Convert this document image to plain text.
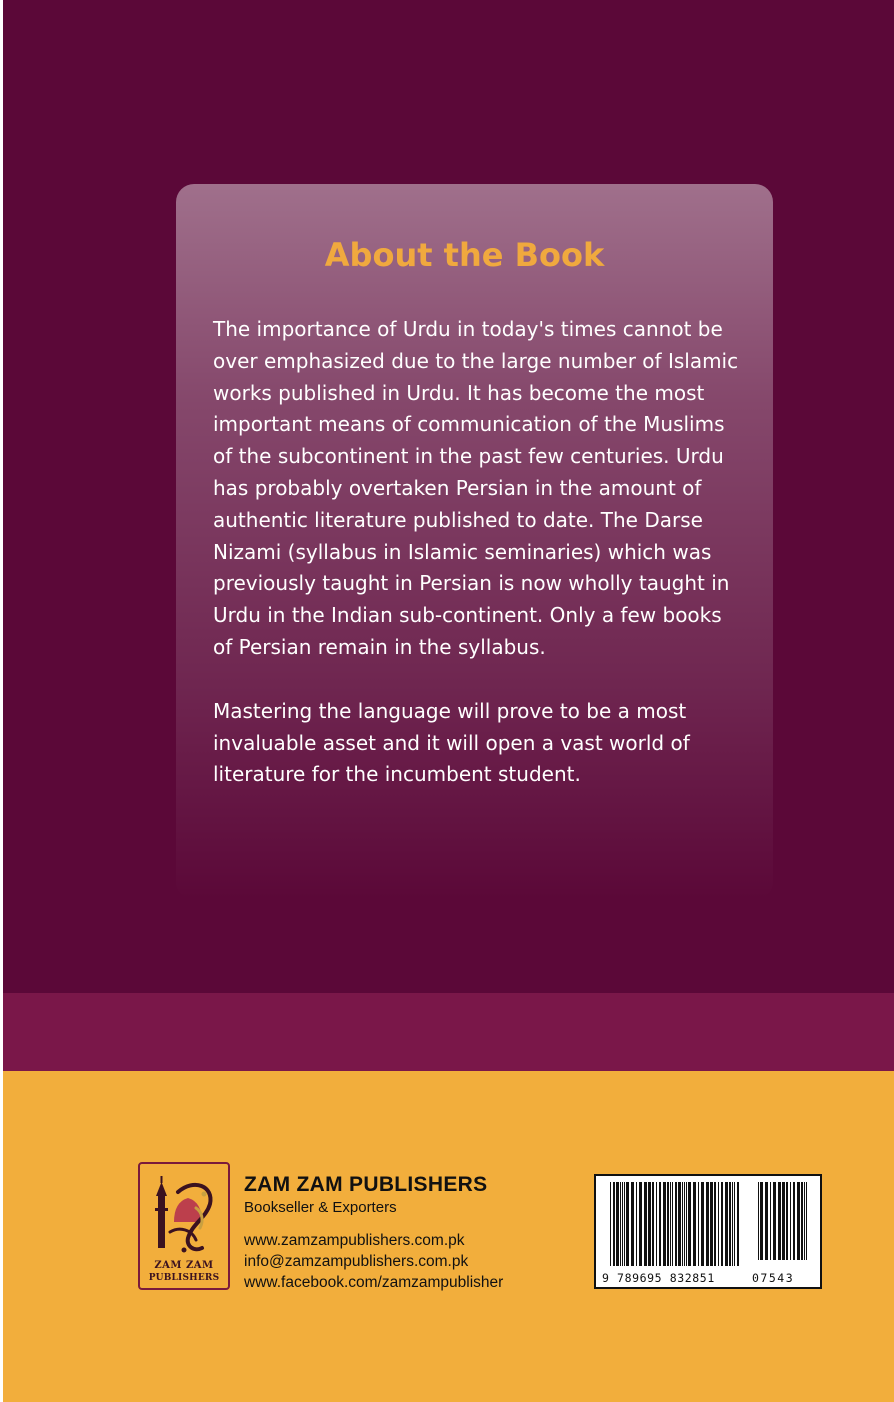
About the Book

The importance of Urdu in today's times cannot be
over emphasized due to the large number of Islamic
works published in Urdu. It has become the most
important means of communication of the Muslims
of the subcontinent in the past few centuries. Urdu
has probably overtaken Persian in the amount of
authentic literature published to date. The Darse
Nizami (syllabus in Islamic seminaries) which was
previously taught in Persian is now wholly taught in
Urdu in the Indian sub-continent. Only a few books
of Persian remain in the syllabus.

Mastering the language will prove to be a most
invaluable asset and it will open a vast world of
literature for the incumbent student.

ZAM ZAM
PUBLISHERS
ZAM ZAM PUBLISHERS
Bookseller & Exporters
www.zamzampublishers.com.pk
info@zamzampublishers.com.pk
www.facebook.com/zamzampublisher	9 789695 832851	07543
